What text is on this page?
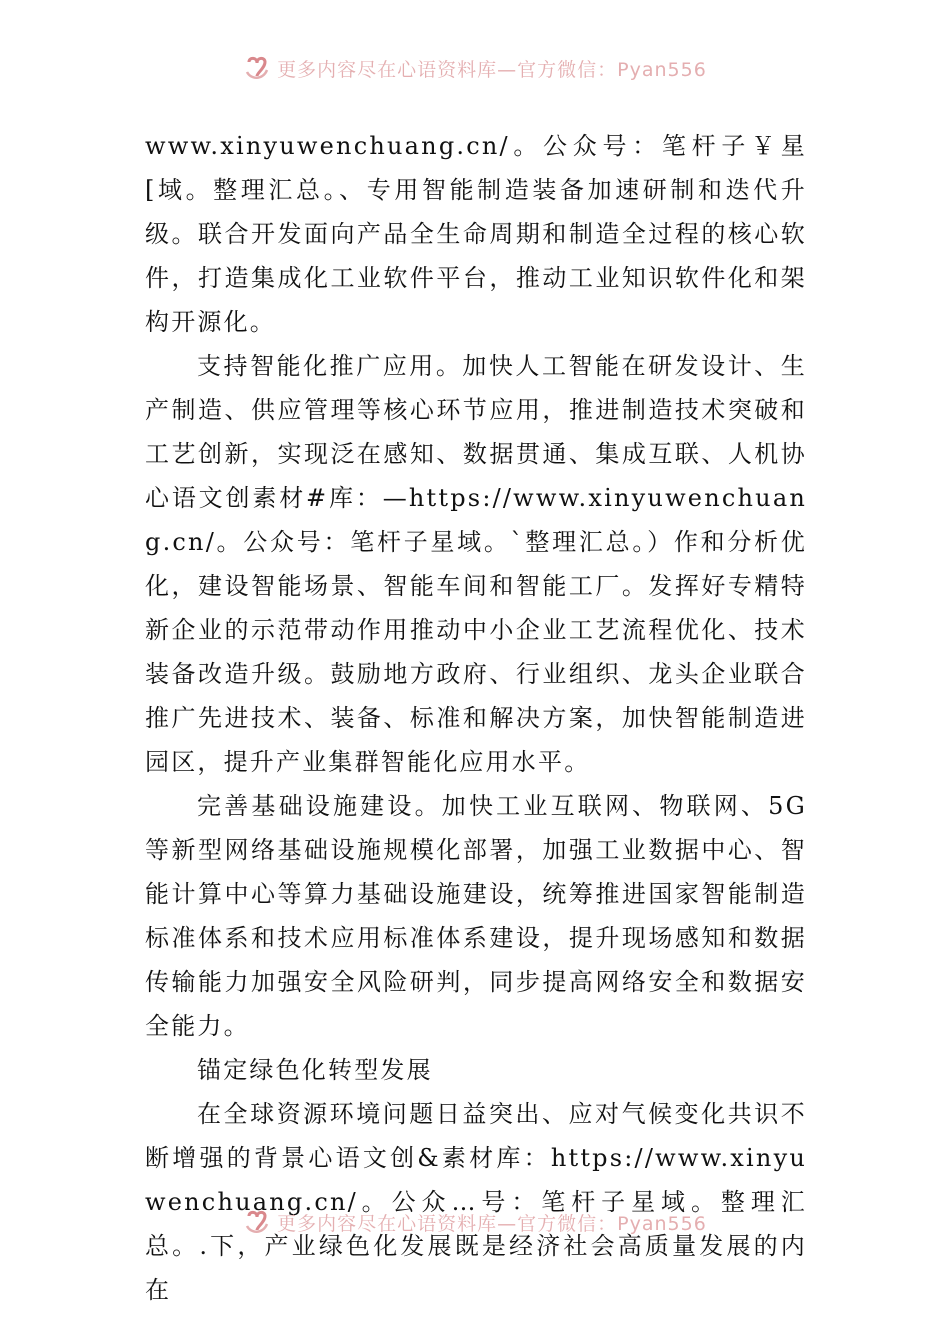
更多内容尽在心语资料库—官方微信：Pyan556

www.xinyuwenchuang.cn/。公众号：笔杆子￥星[域。整理汇总。、专用智能制造装备加速研制和迭代升级。联合开发面向产品全生命周期和制造全过程的核心软件，打造集成化工业软件平台，推动工业知识软件化和架构开源化。

支持智能化推广应用。加快人工智能在研发设计、生产制造、供应管理等核心环节应用，推进制造技术突破和工艺创新，实现泛在感知、数据贯通、集成互联、人机协心语文创素材#库：—https://www.xinyuwenchuang.cn/。公众号：笔杆子星域。`整理汇总。）作和分析优化，建设智能场景、智能车间和智能工厂。发挥好专精特新企业的示范带动作用推动中小企业工艺流程优化、技术装备改造升级。鼓励地方政府、行业组织、龙头企业联合推广先进技术、装备、标准和解决方案，加快智能制造进园区，提升产业集群智能化应用水平。

完善基础设施建设。加快工业互联网、物联网、5G等新型网络基础设施规模化部署，加强工业数据中心、智能计算中心等算力基础设施建设，统筹推进国家智能制造标准体系和技术应用标准体系建设，提升现场感知和数据传输能力加强安全风险研判，同步提高网络安全和数据安全能力。

锚定绿色化转型发展

在全球资源环境问题日益突出、应对气候变化共识不断增强的背景心语文创&素材库：https://www.xinyuwenchuang.cn/。公众…号：笔杆子星域。整理汇总。.下，产业绿色化发展既是经济社会高质量发展的内在

更多内容尽在心语资料库—官方微信：Pyan556
